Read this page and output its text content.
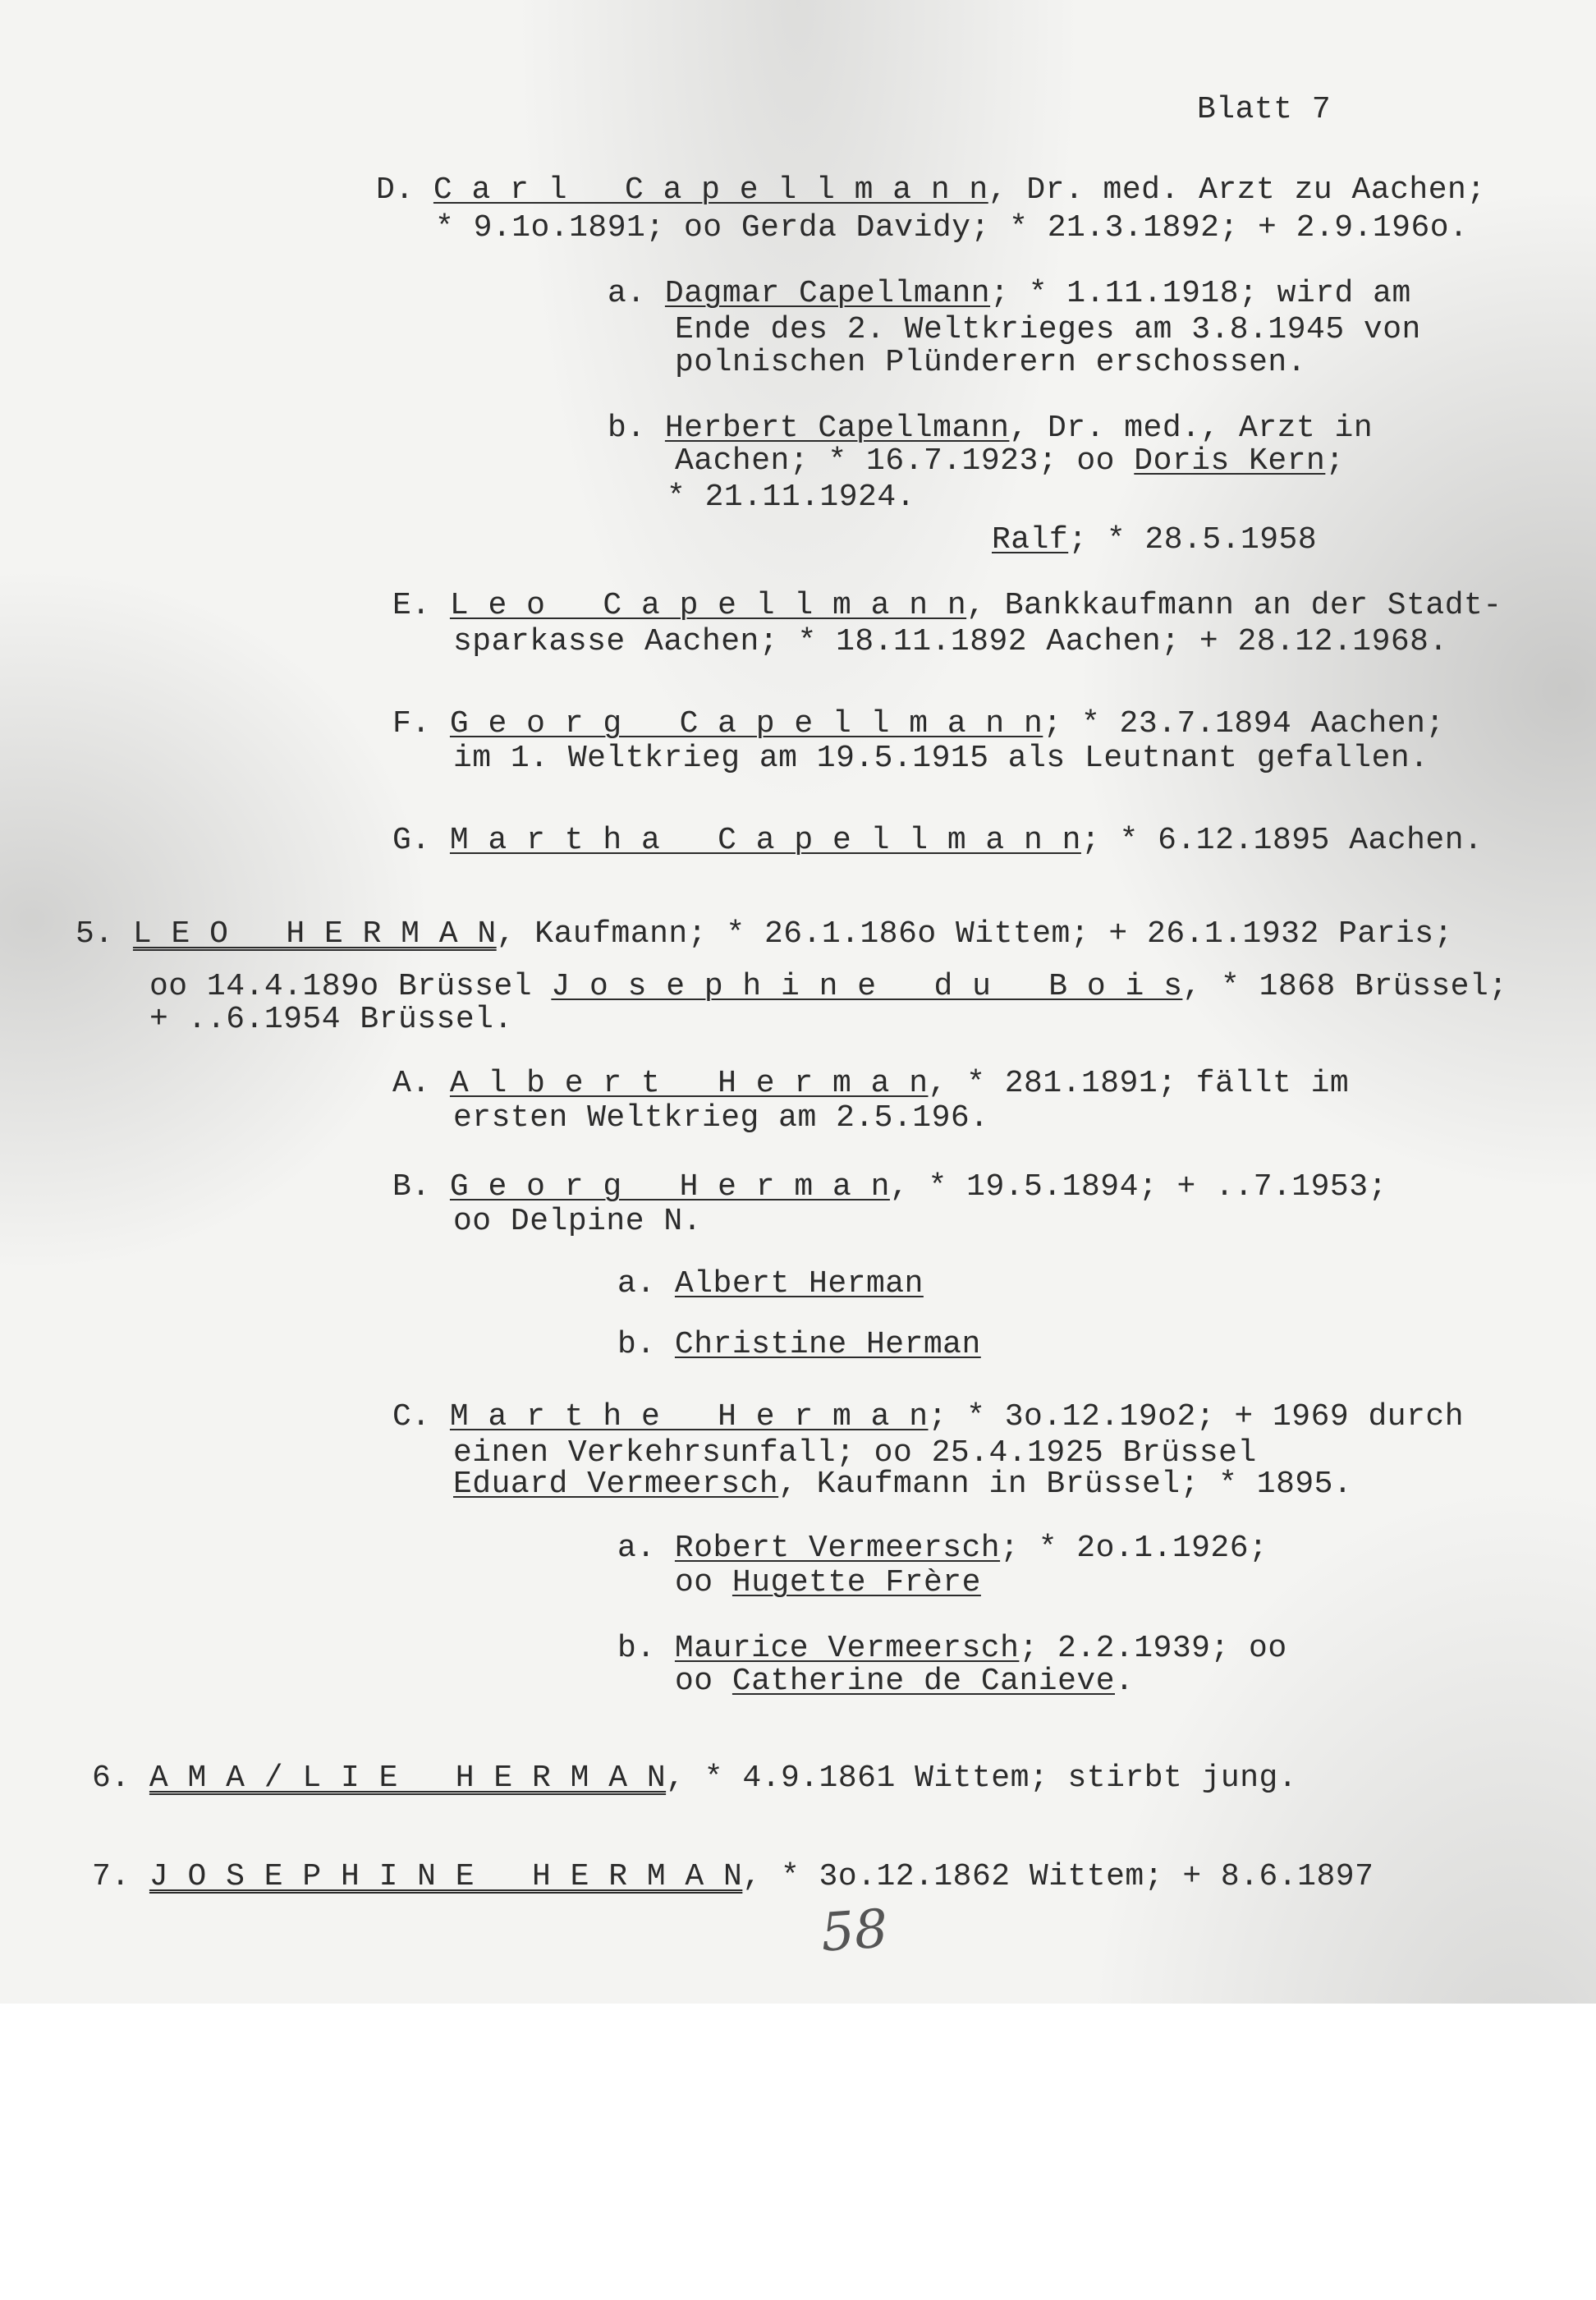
Blatt 7
D. C a r l   C a p e l l m a n n, Dr. med. Arzt zu Aachen;
* 9.1o.1891; oo Gerda Davidy; * 21.3.1892; + 2.9.196o.
a. Dagmar Capellmann; * 1.11.1918; wird am
Ende des 2. Weltkrieges am 3.8.1945 von
polnischen Plünderern erschossen.
b. Herbert Capellmann, Dr. med., Arzt in
Aachen; * 16.7.1923; oo Doris Kern;
* 21.11.1924.
Ralf; * 28.5.1958
E. L e o   C a p e l l m a n n, Bankkaufmann an der Stadt-
sparkasse Aachen; * 18.11.1892 Aachen; + 28.12.1968.
F. G e o r g   C a p e l l m a n n; * 23.7.1894 Aachen;
im 1. Weltkrieg am 19.5.1915 als Leutnant gefallen.
G. M a r t h a   C a p e l l m a n n; * 6.12.1895 Aachen.
5. L E O   H E R M A N, Kaufmann; * 26.1.186o Wittem; + 26.1.1932 Paris;
oo 14.4.189o Brüssel J o s e p h i n e   d u   B o i s, * 1868 Brüssel;
+ ..6.1954 Brüssel.
A. A l b e r t   H e r m a n, * 281.1891; fällt im
ersten Weltkrieg am 2.5.196.
B. G e o r g   H e r m a n, * 19.5.1894; + ..7.1953;
oo Delpine N.
a. Albert Herman
b. Christine Herman
C. M a r t h e   H e r m a n; * 3o.12.19o2; + 1969 durch
einen Verkehrsunfall; oo 25.4.1925 Brüssel
Eduard Vermeersch, Kaufmann in Brüssel; * 1895.
a. Robert Vermeersch; * 2o.1.1926;
oo Hugette Frère
b. Maurice Vermeersch; 2.2.1939; oo
oo Catherine de Canieve.
6. A M A / L I E   H E R M A N, * 4.9.1861 Wittem; stirbt jung.
7. J O S E P H I N E   H E R M A N, * 3o.12.1862 Wittem; + 8.6.1897
58
